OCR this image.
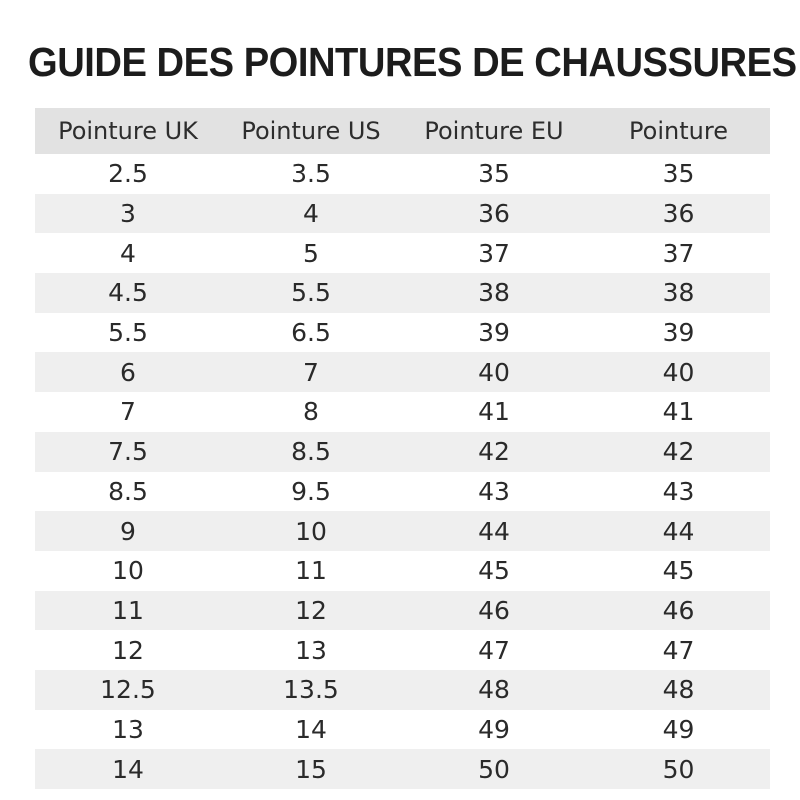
GUIDE DES POINTURES DE CHAUSSURES
Pointure UK	Pointure US	Pointure EU	Pointure
2.5	3.5	35	35
3	4	36	36
4	5	37	37
4.5	5.5	38	38
5.5	6.5	39	39
6	7	40	40
7	8	41	41
7.5	8.5	42	42
8.5	9.5	43	43
9	10	44	44
10	11	45	45
11	12	46	46
12	13	47	47
12.5	13.5	48	48
13	14	49	49
14	15	50	50
